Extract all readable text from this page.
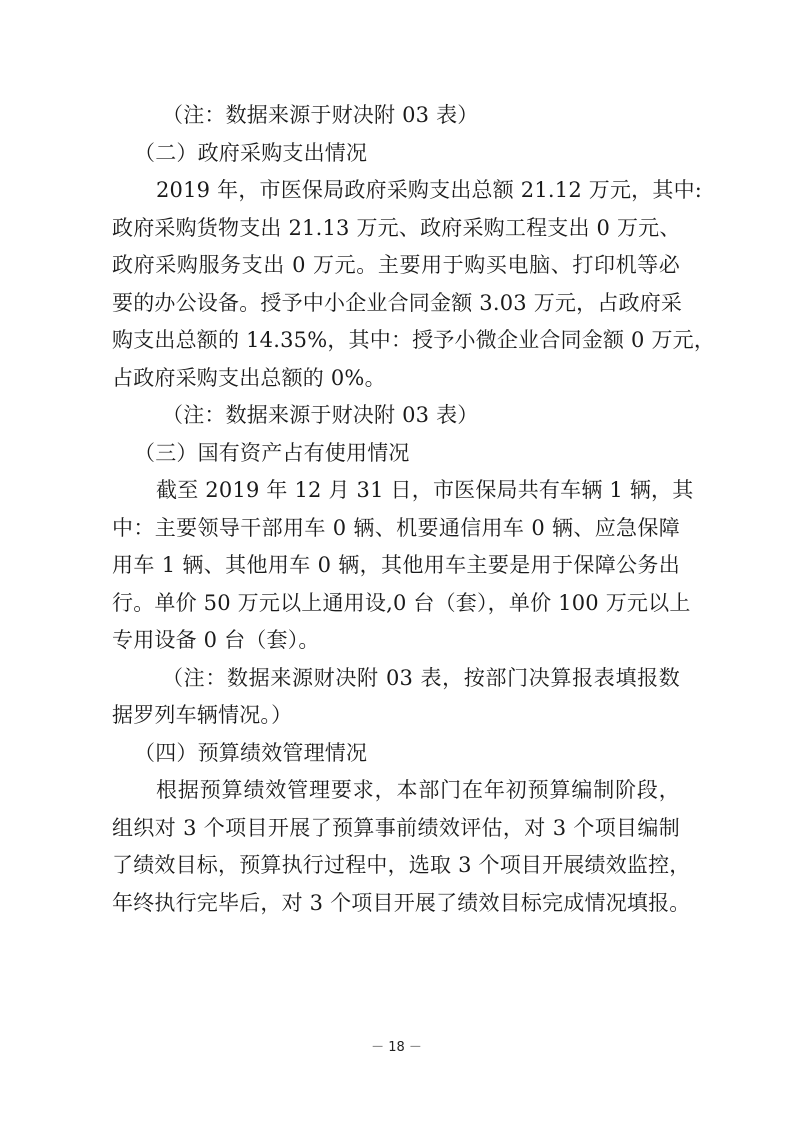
（注：数据来源于财决附 03 表）
（二）政府采购支出情况
2019 年，市医保局政府采购支出总额 21.12 万元，其中:
政府采购货物支出 21.13 万元、政府采购工程支出 0 万元、
政府采购服务支出 0 万元。主要用于购买电脑、打印机等必
要的办公设备。授予中小企业合同金额 3.03 万元，占政府采
购支出总额的 14.35%，其中：授予小微企业合同金额 0 万元，
占政府采购支出总额的 0%。
（注：数据来源于财决附 03 表）
（三）国有资产占有使用情况
截至 2019 年 12 月 31 日，市医保局共有车辆 1 辆，其
中：主要领导干部用车 0 辆、机要通信用车 0 辆、应急保障
用车 1 辆、其他用车 0 辆，其他用车主要是用于保障公务出
行。单价 50 万元以上通用设,0 台（套），单价 100 万元以上
专用设备 0 台（套）。
（注：数据来源财决附 03 表，按部门决算报表填报数
据罗列车辆情况。）
（四）预算绩效管理情况
根据预算绩效管理要求，本部门在年初预算编制阶段，
组织对 3 个项目开展了预算事前绩效评估，对 3 个项目编制
了绩效目标，预算执行过程中，选取 3 个项目开展绩效监控，
年终执行完毕后，对 3 个项目开展了绩效目标完成情况填报。
－ 18 －
